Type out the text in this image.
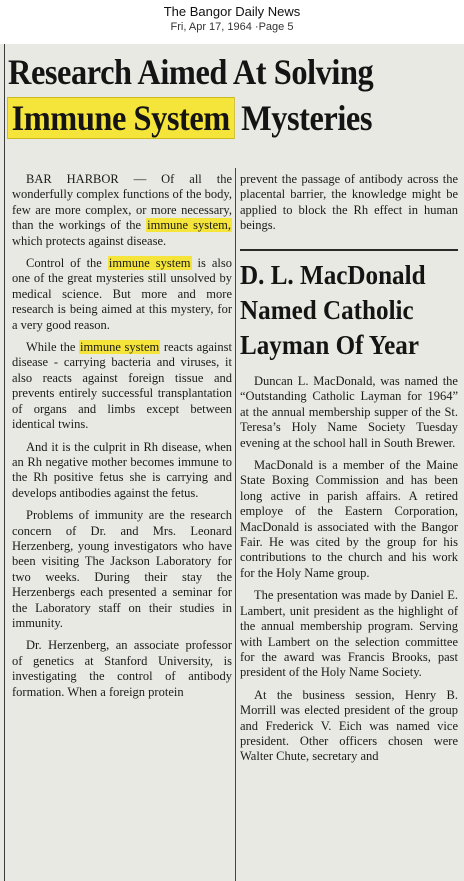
The Bangor Daily News
Fri, Apr 17, 1964 ·Page 5
Research Aimed At Solving
Immune System Mysteries

BAR HARBOR — Of all the wonderfully complex functions of the body, few are more complex, or more necessary, than the workings of the immune system, which protects against disease.

Control of the immune system is also one of the great mysteries still unsolved by medical science. But more and more research is being aimed at this mystery, for a very good reason.

While the immune system reacts against disease - carrying bacteria and viruses, it also reacts against foreign tissue and prevents entirely successful transplantation of organs and limbs except between identical twins.

And it is the culprit in Rh disease, when an Rh negative mother becomes immune to the Rh positive fetus she is carrying and develops antibodies against the fetus.

Problems of immunity are the research concern of Dr. and Mrs. Leonard Herzenberg, young investigators who have been visiting The Jackson Laboratory for two weeks. During their stay the Herzenbergs each presented a seminar for the Laboratory staff on their studies in immunity.

Dr. Herzenberg, an associate professor of genetics at Stanford University, is investigating the control of antibody formation. When a foreign protein

prevent the passage of antibody across the placental barrier, the knowledge might be applied to block the Rh effect in human beings.

D. L. MacDonald
Named Catholic
Layman Of Year

Duncan L. MacDonald, was named the “Outstanding Catholic Layman for 1964” at the annual membership supper of the St. Teresa’s Holy Name Society Tuesday evening at the school hall in South Brewer.

MacDonald is a member of the Maine State Boxing Commission and has been long active in parish affairs. A retired employe of the Eastern Corporation, MacDonald is associated with the Bangor Fair. He was cited by the group for his contributions to the church and his work for the Holy Name group.

The presentation was made by Daniel E. Lambert, unit president as the highlight of the annual membership program. Serving with Lambert on the selection committee for the award was Francis Brooks, past president of the Holy Name Society.

At the business session, Henry B. Morrill was elected president of the group and Frederick V. Eich was named vice president. Other officers chosen were Walter Chute, secretary and
